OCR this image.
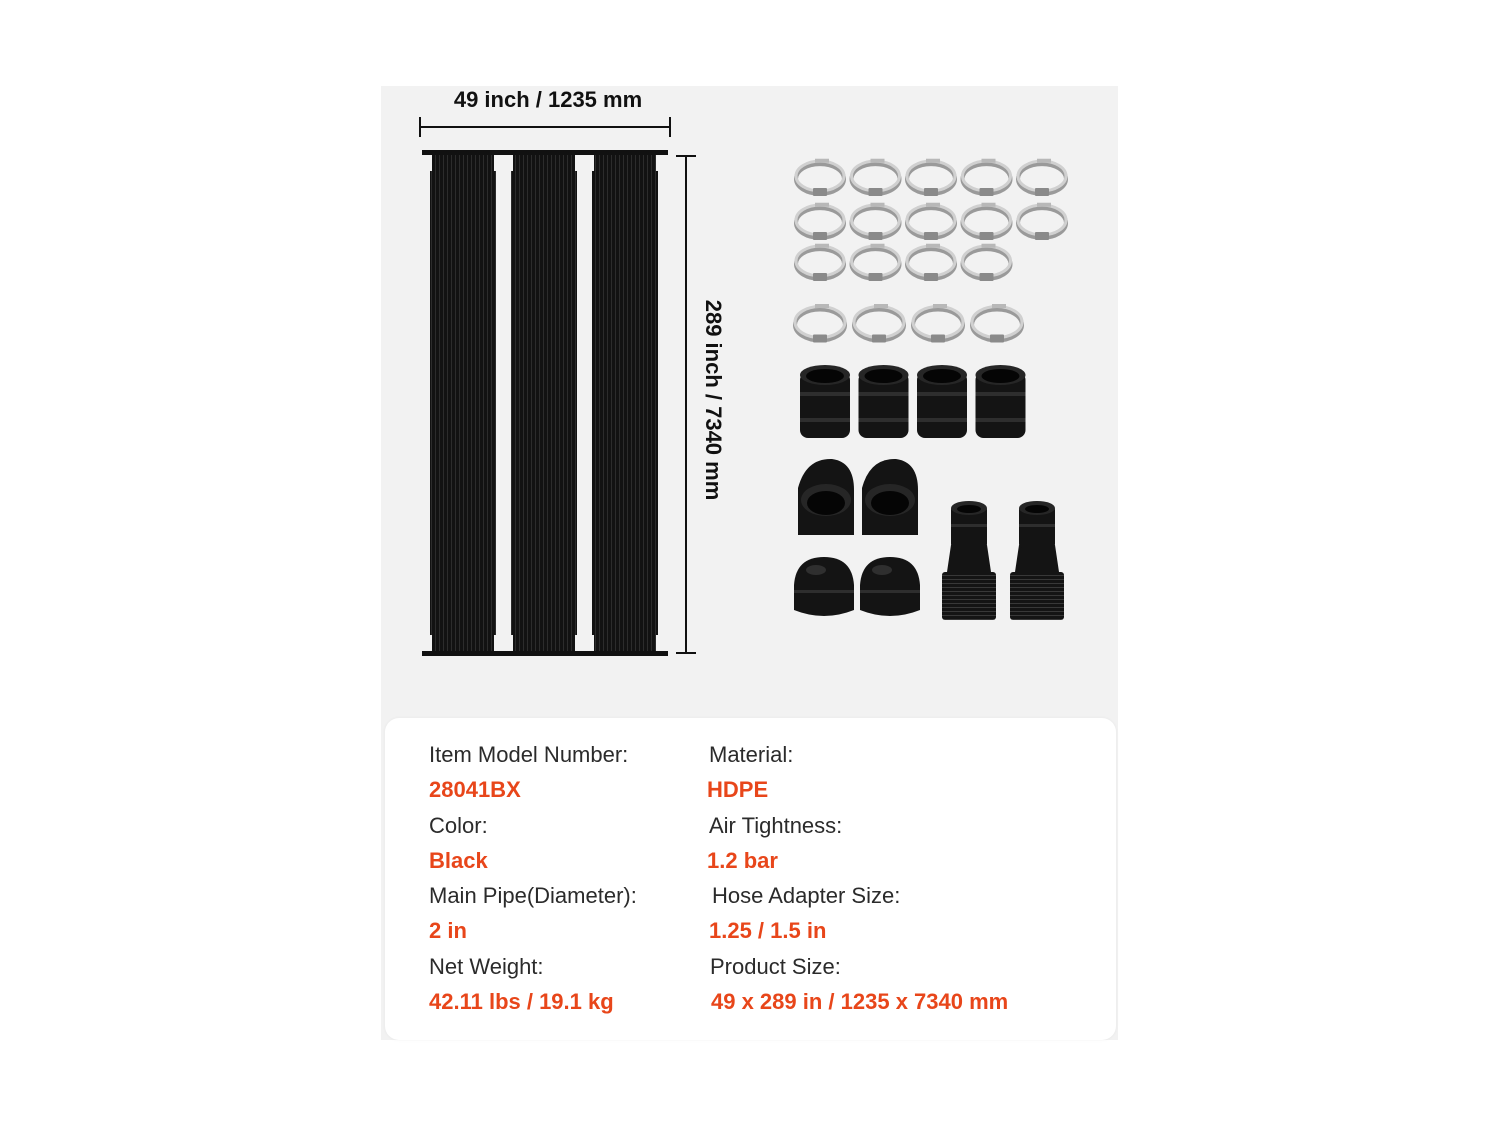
49 inch / 1235 mm
289 inch / 7340 mm
Item Model Number:
28041BX
Color:
Black
Main Pipe(Diameter):
2 in
Net Weight:
42.11 lbs / 19.1 kg
Material:
HDPE
Air Tightness:
1.2 bar
Hose Adapter Size:
1.25 / 1.5 in
Product Size:
49 x 289 in / 1235 x 7340 mm
